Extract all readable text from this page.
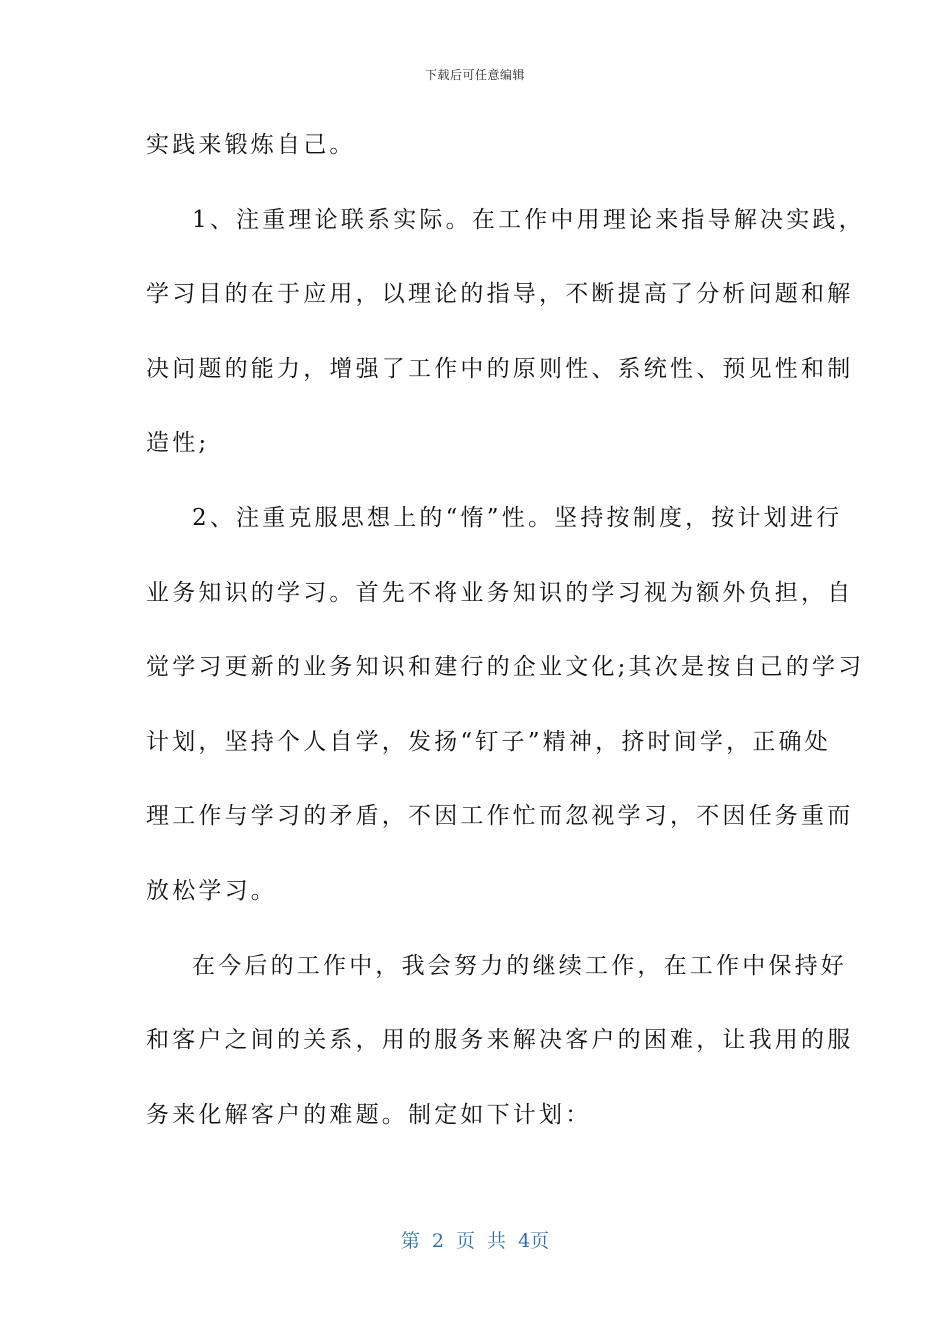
下载后可任意编辑
实践来锻炼自己。
1、注重理论联系实际。在工作中用理论来指导解决实践，
学习目的在于应用，以理论的指导，不断提高了分析问题和解
决问题的能力，增强了工作中的原则性、系统性、预见性和制
造性;
2、注重克服思想上的“惰”性。坚持按制度，按计划进行
业务知识的学习。首先不将业务知识的学习视为额外负担，自
觉学习更新的业务知识和建行的企业文化;其次是按自己的学习
计划，坚持个人自学，发扬“钉子”精神，挤时间学，正确处
理工作与学习的矛盾，不因工作忙而忽视学习，不因任务重而
放松学习。
在今后的工作中，我会努力的继续工作，在工作中保持好
和客户之间的关系，用的服务来解决客户的困难，让我用的服
务来化解客户的难题。制定如下计划：
第 2 页 共 4页
